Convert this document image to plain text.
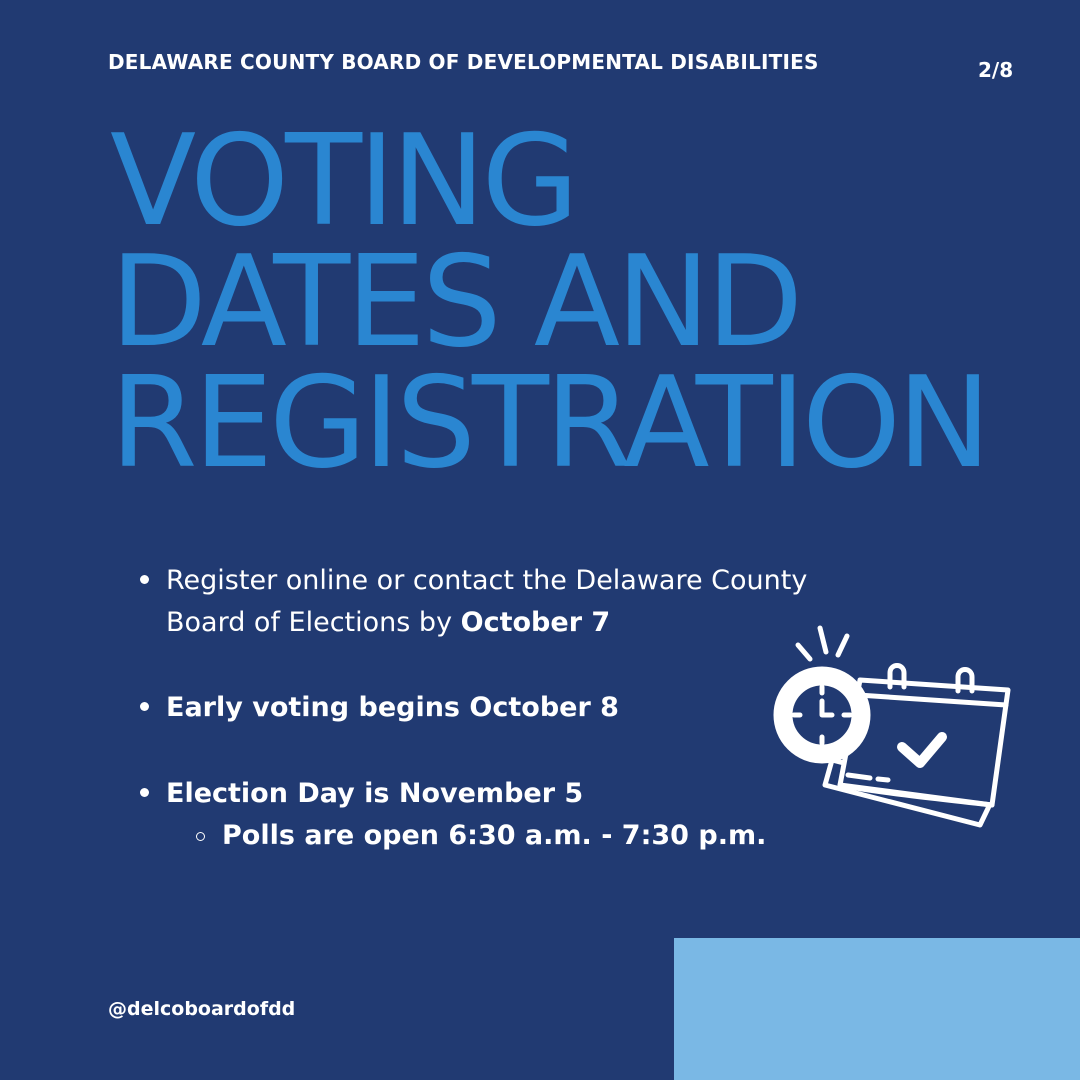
DELAWARE COUNTY BOARD OF DEVELOPMENTAL DISABILITIES	2/8
VOTING
DATES AND
REGISTRATION
Register online or contact the Delaware County Board of Elections by October 7
Early voting begins October 8
Election Day is November 5
Polls are open 6:30 a.m. - 7:30 p.m.
@delcoboardofdd
